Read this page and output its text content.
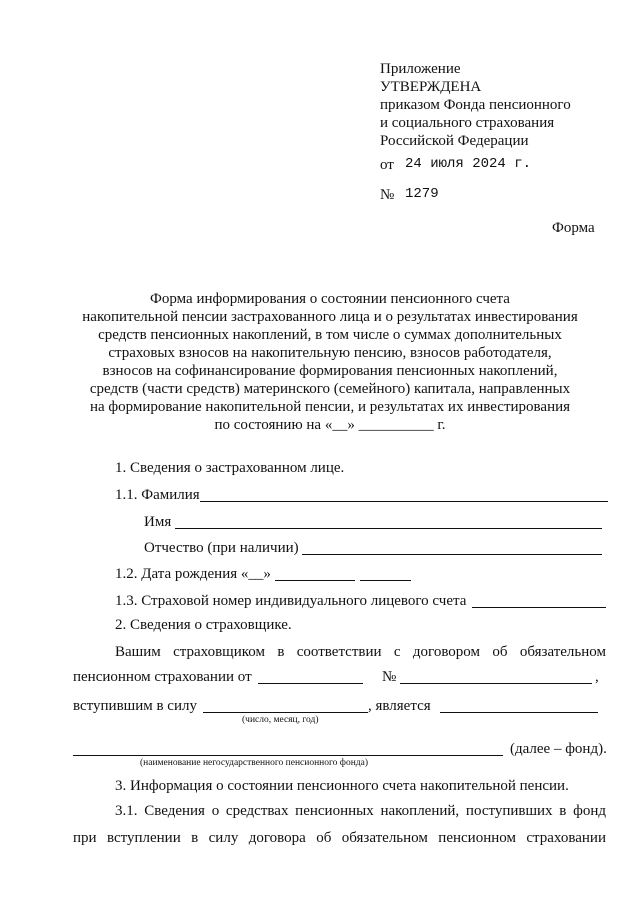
Приложение
УТВЕРЖДЕНА
приказом Фонда пенсионного
и социального страхования
Российской Федерации
от 24 июля 2024 г.
№ 1279
Форма
Форма информирования о состоянии пенсионного счета
накопительной пенсии застрахованного лица и о результатах инвестирования
средств пенсионных накоплений, в том числе о суммах дополнительных
страховых взносов на накопительную пенсию, взносов работодателя,
взносов на софинансирование формирования пенсионных накоплений,
средств (части средств) материнского (семейного) капитала, направленных
на формирование накопительной пенсии, и результатах их инвестирования
по состоянию на «__» __________ г.
1. Сведения о застрахованном лице.
1.1. Фамилия
Имя
Отчество (при наличии)
1.2. Дата рождения «__»
1.3. Страховой номер индивидуального лицевого счета
2. Сведения о страховщике.
Вашим страховщиком в соответствии с договором об обязательном
пенсионном страховании от	№	,
вступившим в силу	, является
(число, месяц, год)
(далее – фонд).
(наименование негосударственного пенсионного фонда)
3. Информация о состоянии пенсионного счета накопительной пенсии.
3.1. Сведения о средствах пенсионных накоплений, поступивших в фонд
при вступлении в силу договора об обязательном пенсионном страховании
